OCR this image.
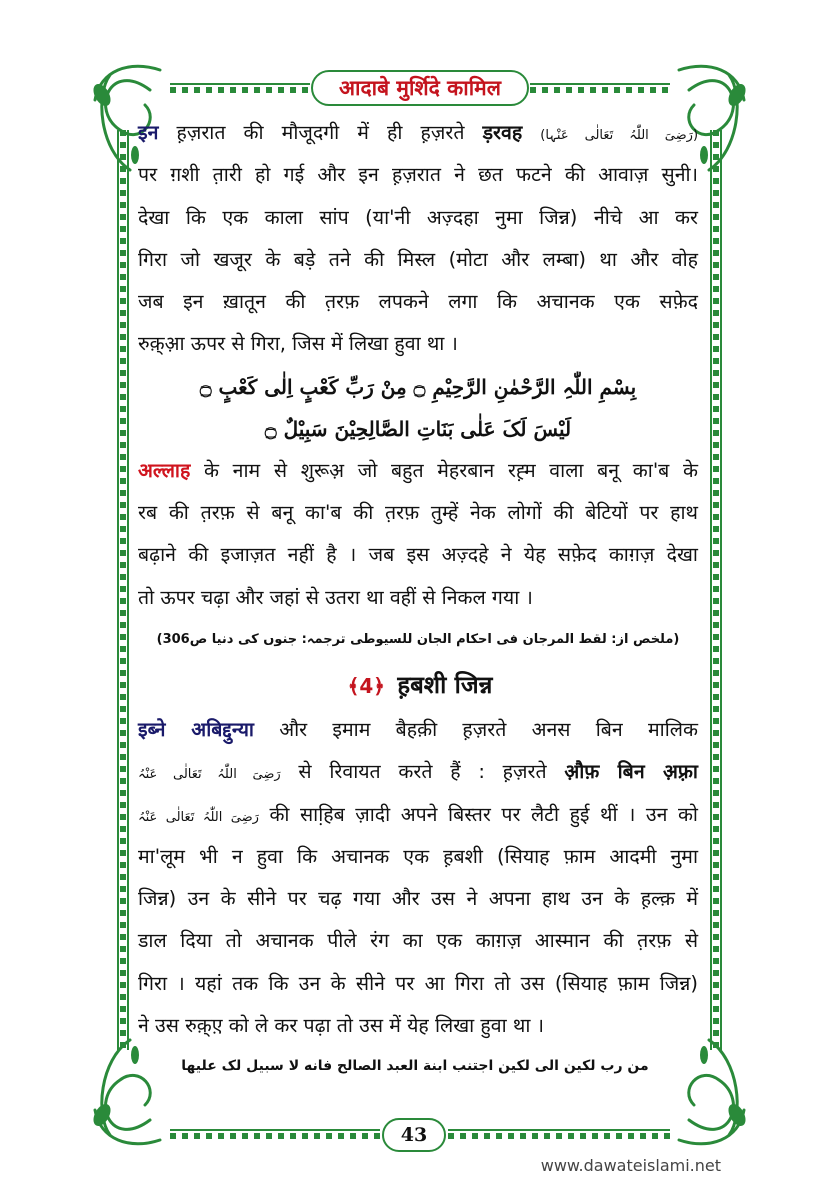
आदाबे मुर्शिदे कामिल
इन ह़ज़रात की मौजूदगी में ही ह़ज़रते ड़रवह (رَضِیَ اللّٰہُ تَعَالٰی عَنْہا)
पर ग़शी त़ारी हो गई और इन ह़ज़रात ने छत फटने की आवाज़ सुनी।
देखा कि एक काला सांप (या'नी अज़्दहा नुमा जिन्न) नीचे आ कर
गिरा जो खजूर के बड़े तने की मिस्ल (मोटा और लम्बा) था और वोह
जब इन ख़ातून की त़रफ़ लपकने लगा कि अचानक एक सफ़ेद
रुक़्आ़ ऊपर से गिरा, जिस में लिखा हुवा था ।
بِسْمِ اللّٰہِ الرَّحْمٰنِ الرَّحِیْمِ ۝ مِنْ رَبِّ کَعْبٍ اِلٰی کَعْبٍ ۝
لَیْسَ لَکَ عَلٰی بَنَاتِ الصَّالِحِیْنَ سَبِیْلٌ ۝
अल्लाह के नाम से शुरूअ़ जो बहुत मेहरबान रह़्म वाला बनू का'ब के
रब की त़रफ़ से बनू का'ब की त़रफ़ तुम्हें नेक लोगों की बेटियों पर हाथ
बढ़ाने की इजाज़त नहीं है । जब इस अज़्दहे ने येह सफ़ेद काग़ज़ देखा
तो ऊपर चढ़ा और जहां से उतरा था वहीं से निकल गया ।
(ملخص از: لقط المرجان فی احکام الجان للسیوطی ترجمہ: جنوں کی دنیا ص306)
﴾4﴿ ह़बशी जिन्न
इब्ने अबिद्दुन्या और इमाम बैहक़ी ह़ज़रते अनस बिन मालिक
رَضِیَ اللّٰہُ تَعَالٰی عَنْہُ से रिवायत करते हैं : ह़ज़रते औ़फ़ बिन अ़फ़्रा
رَضِیَ اللّٰہُ تَعَالٰی عَنْہُ की साहि़ब ज़ादी अपने बिस्तर पर लैटी हुई थीं । उन को
मा'लूम भी न हुवा कि अचानक एक ह़बशी (सियाह फ़ाम आदमी नुमा
जिन्न) उन के सीने पर चढ़ गया और उस ने अपना हाथ उन के ह़ल्क़ में
डाल दिया तो अचानक पीले रंग का एक काग़ज़ आस्मान की त़रफ़ से
गिरा । यहां तक कि उन के सीने पर आ गिरा तो उस (सियाह फ़ाम जिन्न)
ने उस रुक़्ए़ को ले कर पढ़ा तो उस में येह लिखा हुवा था ।
من رب لکین الی لکین اجتنب ابنة العبد الصالح فانه لا سبیل لک علیها
43
www.dawateislami.net
